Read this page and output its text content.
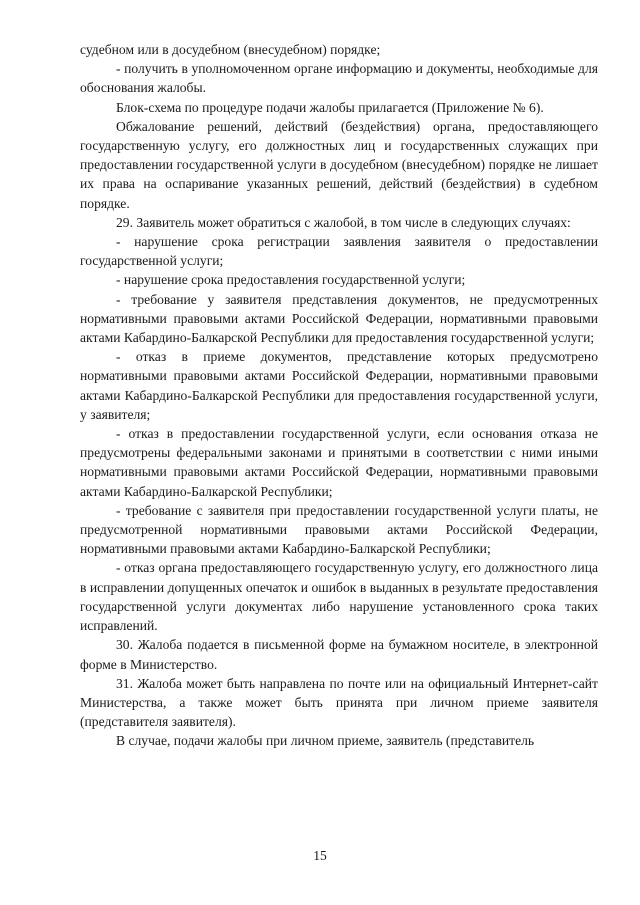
судебном или в досудебном (внесудебном) порядке;

- получить в уполномоченном органе информацию и документы, необходимые для обоснования жалобы.

Блок-схема по процедуре подачи жалобы прилагается (Приложение № 6).

Обжалование решений, действий (бездействия) органа, предоставляющего государственную услугу, его должностных лиц и государственных служащих при предоставлении государственной услуги в досудебном (внесудебном) порядке не лишает их права на оспаривание указанных решений, действий (бездействия) в судебном порядке.

29. Заявитель может обратиться с жалобой, в том числе в следующих случаях:

- нарушение срока регистрации заявления заявителя о предоставлении государственной услуги;

- нарушение срока предоставления государственной услуги;

- требование у заявителя представления документов, не предусмотренных нормативными правовыми актами Российской Федерации, нормативными правовыми актами Кабардино-Балкарской Республики для предоставления государственной услуги;

- отказ в приеме документов, представление которых предусмотрено нормативными правовыми актами Российской Федерации, нормативными правовыми актами Кабардино-Балкарской Республики для предоставления государственной услуги, у заявителя;

- отказ в предоставлении государственной услуги, если основания отказа не предусмотрены федеральными законами и принятыми в соответствии с ними иными нормативными правовыми актами Российской Федерации, нормативными правовыми актами Кабардино-Балкарской Республики;

- требование с заявителя при предоставлении государственной услуги платы, не предусмотренной нормативными правовыми актами Российской Федерации, нормативными правовыми актами Кабардино-Балкарской Республики;

- отказ органа предоставляющего государственную услугу, его должностного лица в исправлении допущенных опечаток и ошибок в выданных в результате предоставления государственной услуги документах либо нарушение установленного срока таких исправлений.

30. Жалоба подается в письменной форме на бумажном носителе, в электронной форме в Министерство.

31. Жалоба может быть направлена по почте или на официальный Интернет-сайт Министерства, а также может быть принята при личном приеме заявителя (представителя заявителя).

В случае, подачи жалобы при личном приеме, заявитель (представитель

15
